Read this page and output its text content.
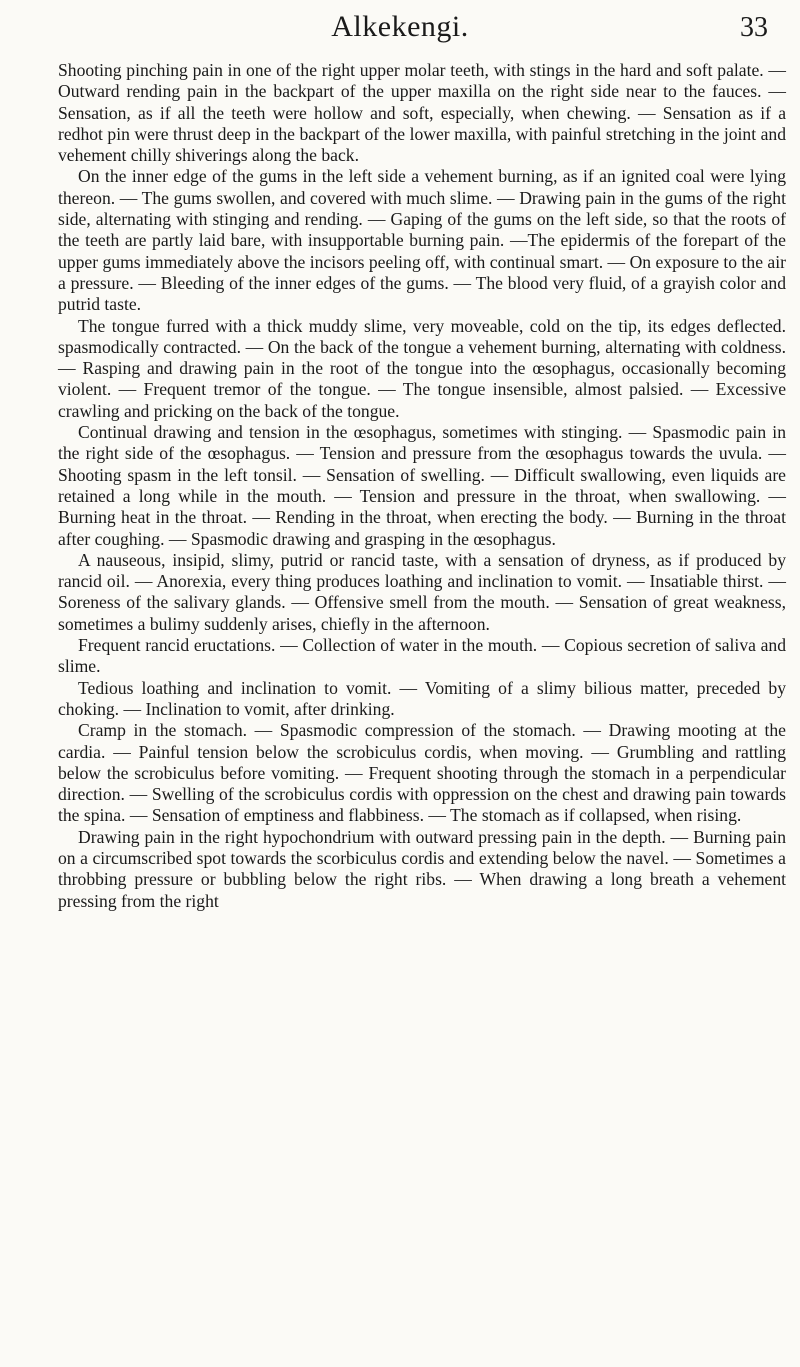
Alkekengi.	33

Shooting pinching pain in one of the right upper molar teeth, with stings in the hard and soft palate. — Outward rending pain in the backpart of the upper maxilla on the right side near to the fauces. — Sensation, as if all the teeth were hollow and soft, especially, when chewing. — Sensation as if a redhot pin were thrust deep in the backpart of the lower maxilla, with painful stretching in the joint and vehement chilly shiverings along the back.

On the inner edge of the gums in the left side a vehement burning, as if an ignited coal were lying thereon. — The gums swollen, and covered with much slime. — Drawing pain in the gums of the right side, alternating with stinging and rending. — Gaping of the gums on the left side, so that the roots of the teeth are partly laid bare, with insupportable burning pain. —The epidermis of the forepart of the upper gums immediately above the incisors peeling off, with continual smart. — On exposure to the air a pressure. — Bleeding of the inner edges of the gums. — The blood very fluid, of a grayish color and putrid taste.

The tongue furred with a thick muddy slime, very moveable, cold on the tip, its edges deflected. spasmodically contracted. — On the back of the tongue a vehement burning, alternating with coldness. — Rasping and drawing pain in the root of the tongue into the œsophagus, occasionally becoming violent. — Frequent tremor of the tongue. — The tongue insensible, almost palsied. — Excessive crawling and pricking on the back of the tongue.

Continual drawing and tension in the œsophagus, sometimes with stinging. — Spasmodic pain in the right side of the œsophagus. — Tension and pressure from the œsophagus towards the uvula. — Shooting spasm in the left tonsil. — Sensation of swelling. — Difficult swallowing, even liquids are retained a long while in the mouth. — Tension and pressure in the throat, when swallowing. — Burning heat in the throat. — Rending in the throat, when erecting the body. — Burning in the throat after coughing. — Spasmodic drawing and grasping in the œsophagus.

A nauseous, insipid, slimy, putrid or rancid taste, with a sensation of dryness, as if produced by rancid oil. — Anorexia, every thing produces loathing and inclination to vomit. — Insatiable thirst. — Soreness of the salivary glands. — Offensive smell from the mouth. — Sensation of great weakness, sometimes a bulimy suddenly arises, chiefly in the afternoon.

Frequent rancid eructations. — Collection of water in the mouth. — Copious secretion of saliva and slime.

Tedious loathing and inclination to vomit. — Vomiting of a slimy bilious matter, preceded by choking. — Inclination to vomit, after drinking.

Cramp in the stomach. — Spasmodic compression of the stomach. — Drawing mooting at the cardia. — Painful tension below the scrobiculus cordis, when moving. — Grumbling and rattling below the scrobiculus before vomiting. — Frequent shooting through the stomach in a perpendicular direction. — Swelling of the scrobiculus cordis with oppression on the chest and drawing pain towards the spina. — Sensation of emptiness and flabbiness. — The stomach as if collapsed, when rising.

Drawing pain in the right hypochondrium with outward pressing pain in the depth. — Burning pain on a circumscribed spot towards the scorbiculus cordis and extending below the navel. — Sometimes a throbbing pressure or bubbling below the right ribs. — When drawing a long breath a vehement pressing from the right
